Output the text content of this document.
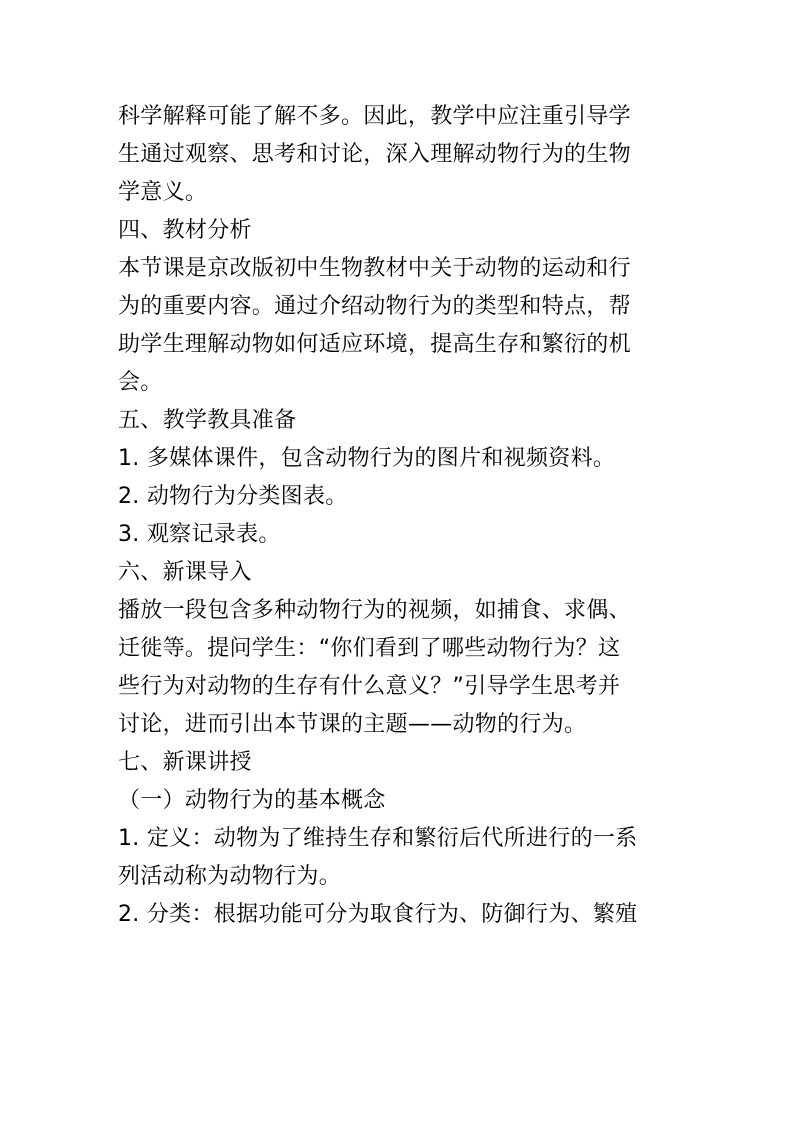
科学解释可能了解不多。因此，教学中应注重引导学
生通过观察、思考和讨论，深入理解动物行为的生物
学意义。
四、教材分析
本节课是京改版初中生物教材中关于动物的运动和行
为的重要内容。通过介绍动物行为的类型和特点，帮
助学生理解动物如何适应环境，提高生存和繁衍的机
会。
五、教学教具准备
1. 多媒体课件，包含动物行为的图片和视频资料。
2. 动物行为分类图表。
3. 观察记录表。
六、新课导入
播放一段包含多种动物行为的视频，如捕食、求偶、
迁徙等。提问学生：“你们看到了哪些动物行为？这
些行为对动物的生存有什么意义？”引导学生思考并
讨论，进而引出本节课的主题——动物的行为。
七、新课讲授
（一）动物行为的基本概念
1. 定义：动物为了维持生存和繁衍后代所进行的一系
列活动称为动物行为。
2. 分类：根据功能可分为取食行为、防御行为、繁殖
